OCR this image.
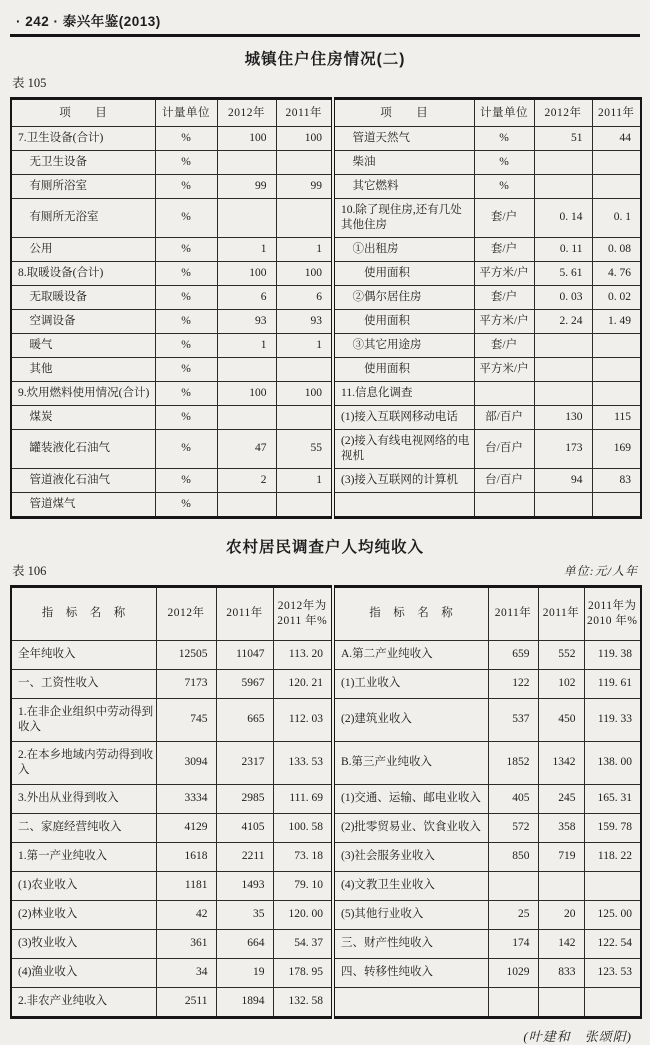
· 242 · 泰兴年鉴(2013)
城镇住户住房情况(二)
表 105
项　　目	计量单位	2012年	2011年	项　　目	计量单位	2012年	2011年
7.卫生设备(合计)	%	100	100	　管道天然气	%	51	44
　无卫生设备	%			　柴油	%		
　有厕所浴室	%	99	99	　其它燃料	%		
　有厕所无浴室	%			10.除了现住房,还有几处其他住房	套/户	0. 14	0. 1
　公用	%	1	1	　①出租房	套/户	0. 11	0. 08
8.取暖设备(合计)	%	100	100	　　使用面积	平方米/户	5. 61	4. 76
　无取暖设备	%	6	6	　②偶尔居住房	套/户	0. 03	0. 02
　空调设备	%	93	93	　　使用面积	平方米/户	2. 24	1. 49
　暖气	%	1	1	　③其它用途房	套/户		
　其他	%			　　使用面积	平方米/户		
9.炊用燃料使用情况(合计)	%	100	100	11.信息化调查			
　煤炭	%			(1)接入互联网移动电话	部/百户	130	115
　罐装液化石油气	%	47	55	(2)接入有线电视网络的电视机	台/百户	173	169
　管道液化石油气	%	2	1	(3)接入互联网的计算机	台/百户	94	83
　管道煤气	%						
农村居民调查户人均纯收入
表 106	单位:元/人年
指　标　名　称	2012年	2011年	2012年为2011 年%	指　标　名　称	2011年	2011年	2011年为2010 年%
全年纯收入	12505	11047	113. 20	A.第二产业纯收入	659	552	119. 38
一、工资性收入	7173	5967	120. 21	(1)工业收入	122	102	119. 61
1.在非企业组织中劳动得到收入	745	665	112. 03	(2)建筑业收入	537	450	119. 33
2.在本乡地域内劳动得到收入	3094	2317	133. 53	B.第三产业纯收入	1852	1342	138. 00
3.外出从业得到收入	3334	2985	111. 69	(1)交通、运输、邮电业收入	405	245	165. 31
二、家庭经营纯收入	4129	4105	100. 58	(2)批零贸易业、饮食业收入	572	358	159. 78
1.第一产业纯收入	1618	2211	73. 18	(3)社会服务业收入	850	719	118. 22
(1)农业收入	1181	1493	79. 10	(4)文教卫生业收入			
(2)林业收入	42	35	120. 00	(5)其他行业收入	25	20	125. 00
(3)牧业收入	361	664	54. 37	三、财产性纯收入	174	142	122. 54
(4)渔业收入	34	19	178. 95	四、转移性纯收入	1029	833	123. 53
2.非农产业纯收入	2511	1894	132. 58				
(叶建和　张颂阳)
